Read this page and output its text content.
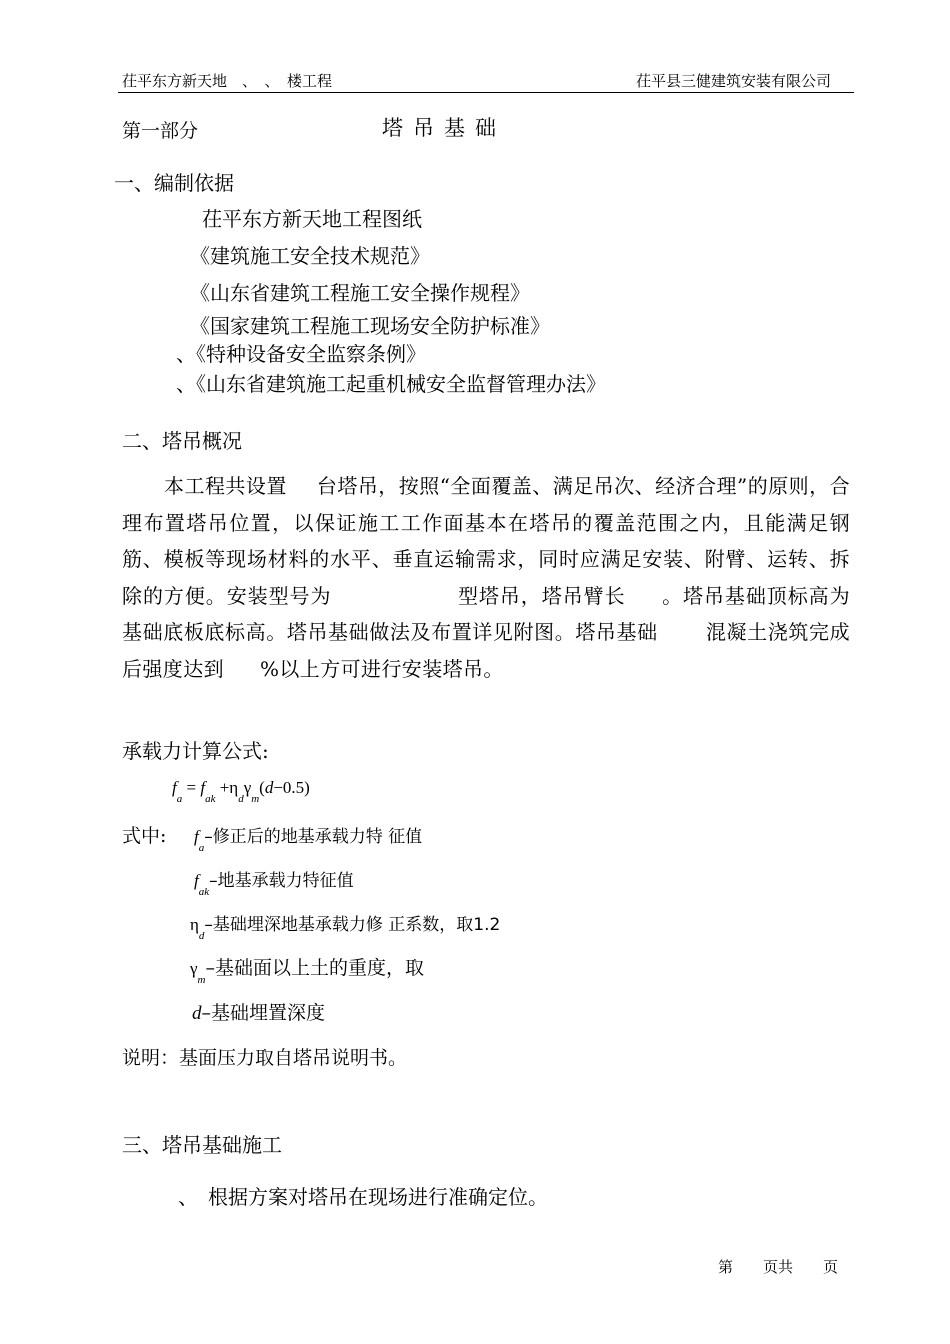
茌平东方新天地　、　、　楼工程	茌平县三健建筑安装有限公司
第一部分	塔吊基础
一、编制依据
茌平东方新天地工程图纸
《建筑施工安全技术规范》
《山东省建筑工程施工安全操作规程》
《国家建筑工程施工现场安全防护标准》
、《特种设备安全监察条例》
、《山东省建筑施工起重机械安全监督管理办法》
二、塔吊概况
本工程共设置 台塔吊，按照“全面覆盖、满足吊次、经济合理”的原则，合理布置塔吊位置，以保证施工工作面基本在塔吊的覆盖范围之内，且能满足钢筋、模板等现场材料的水平、垂直运输需求，同时应满足安装、附臂、运转、拆除的方便。安装型号为	型塔吊，塔吊臂长 。塔吊基础顶标高为基础底板底标高。塔吊基础做法及布置详见附图。塔吊基础 混凝土浇筑完成后强度达到 %以上方可进行安装塔吊。
承载力计算公式:
$f_a = f_{ak} +\eta_d\gamma_m(d-0.5)$
式中: $f_a-$修正后的地基承载力特 征值
$f_{ak}-$地基承载力特征值
$\eta_d-$基础埋深地基承载力修 正系数，取1.2
$\gamma_m-$基础面以上土的重度，取
d–基础埋置深度
说明：基面压力取自塔吊说明书。
三、塔吊基础施工
、　根据方案对塔吊在现场进行准确定位。
第　　页共　　页
